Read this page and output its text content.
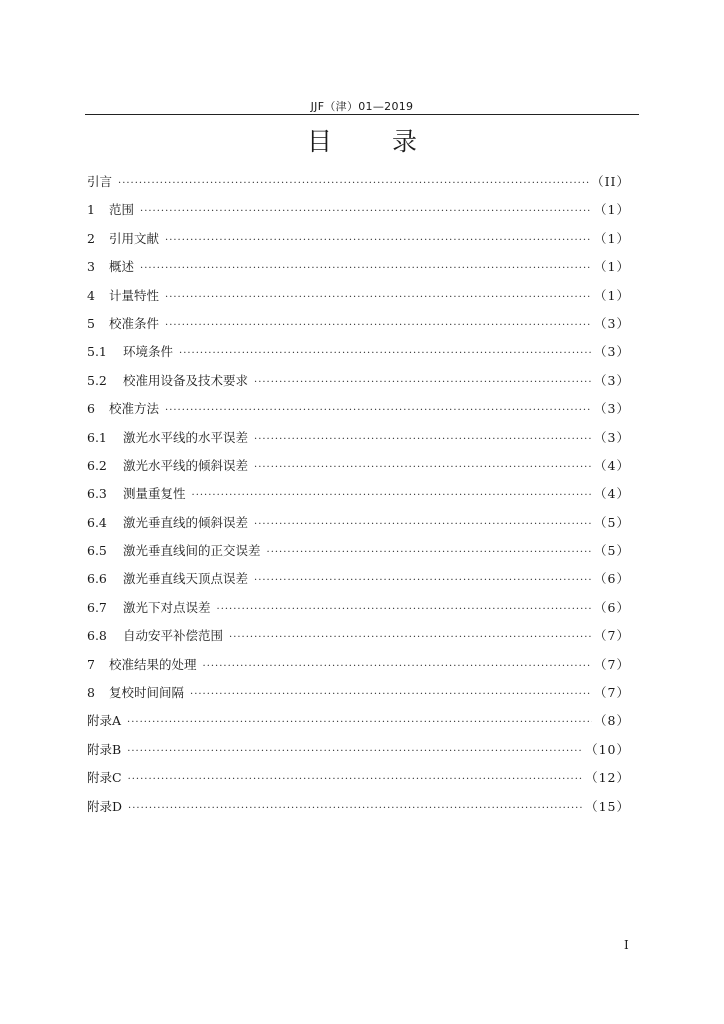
JJF（津）01—2019
目 录
引言 ·····	（II）
1	范围 ·····	（1）
2	引用文献 ·····	（1）
3	概述 ·····	（1）
4	计量特性 ·····	（1）
5	校准条件 ·····	（3）
5.1	环境条件 ·····	（3）
5.2	校准用设备及技术要求 ·····	（3）
6	校准方法 ·····	（3）
6.1	激光水平线的水平误差 ·····	（3）
6.2	激光水平线的倾斜误差 ·····	（4）
6.3	测量重复性 ·····	（4）
6.4	激光垂直线的倾斜误差 ·····	（5）
6.5	激光垂直线间的正交误差 ·····	（5）
6.6	激光垂直线天顶点误差 ·····	（6）
6.7	激光下对点误差 ·····	（6）
6.8	自动安平补偿范围 ·····	（7）
7	校准结果的处理 ·····	（7）
8	复校时间间隔 ·····	（7）
附录A ·····	（8）
附录B ·····	（10）
附录C ·····	（12）
附录D ·····	（15）
I
